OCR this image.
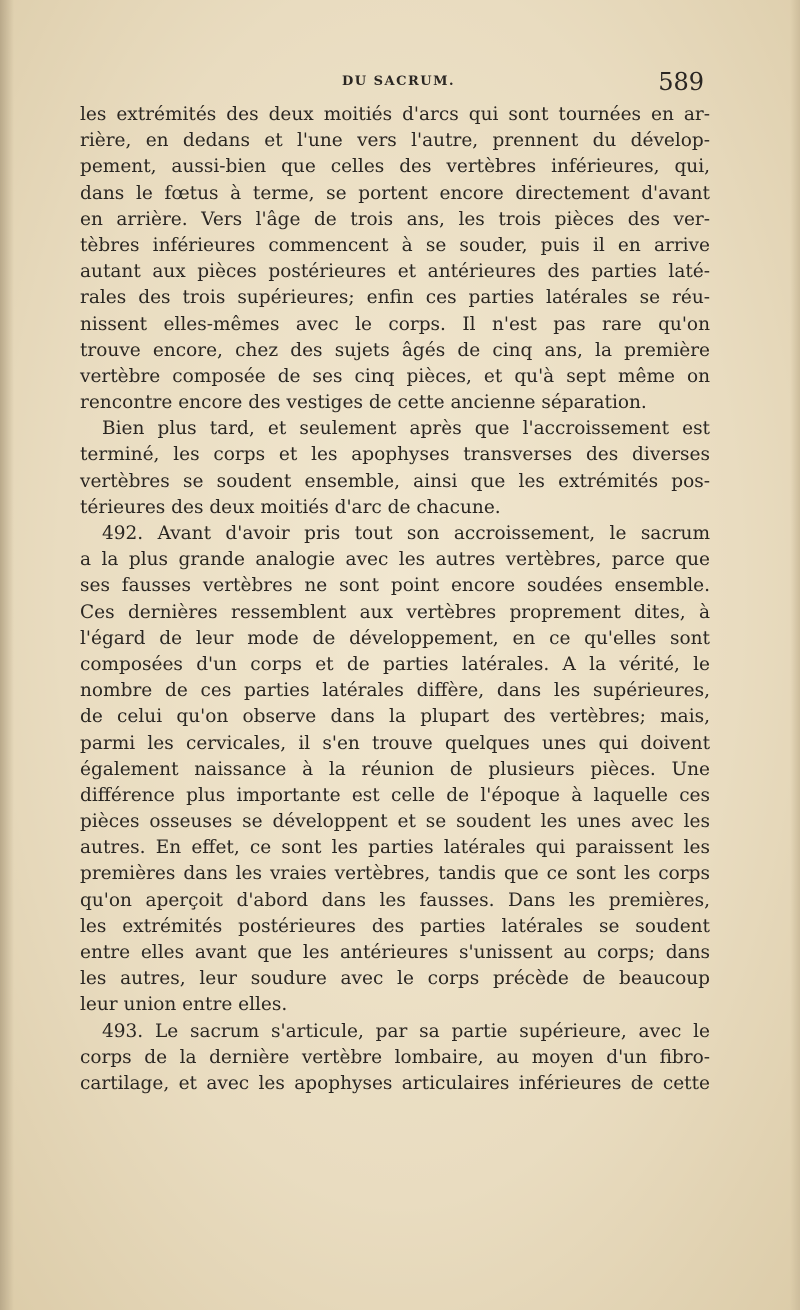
DU SACRUM.	589
les extrémités des deux moitiés d'arcs qui sont tournées en ar-
rière, en dedans et l'une vers l'autre, prennent du dévelop-
pement, aussi-bien que celles des vertèbres inférieures, qui,
dans le fœtus à terme, se portent encore directement d'avant
en arrière. Vers l'âge de trois ans, les trois pièces des ver-
tèbres inférieures commencent à se souder, puis il en arrive
autant aux pièces postérieures et antérieures des parties laté-
rales des trois supérieures; enfin ces parties latérales se réu-
nissent elles-mêmes avec le corps. Il n'est pas rare qu'on
trouve encore, chez des sujets âgés de cinq ans, la première
vertèbre composée de ses cinq pièces, et qu'à sept même on
rencontre encore des vestiges de cette ancienne séparation.
Bien plus tard, et seulement après que l'accroissement est
terminé, les corps et les apophyses transverses des diverses
vertèbres se soudent ensemble, ainsi que les extrémités pos-
térieures des deux moitiés d'arc de chacune.
492. Avant d'avoir pris tout son accroissement, le sacrum
a la plus grande analogie avec les autres vertèbres, parce que
ses fausses vertèbres ne sont point encore soudées ensemble.
Ces dernières ressemblent aux vertèbres proprement dites, à
l'égard de leur mode de développement, en ce qu'elles sont
composées d'un corps et de parties latérales. A la vérité, le
nombre de ces parties latérales diffère, dans les supérieures,
de celui qu'on observe dans la plupart des vertèbres; mais,
parmi les cervicales, il s'en trouve quelques unes qui doivent
également naissance à la réunion de plusieurs pièces. Une
différence plus importante est celle de l'époque à laquelle ces
pièces osseuses se développent et se soudent les unes avec les
autres. En effet, ce sont les parties latérales qui paraissent les
premières dans les vraies vertèbres, tandis que ce sont les corps
qu'on aperçoit d'abord dans les fausses. Dans les premières,
les extrémités postérieures des parties latérales se soudent
entre elles avant que les antérieures s'unissent au corps; dans
les autres, leur soudure avec le corps précède de beaucoup
leur union entre elles.
493. Le sacrum s'articule, par sa partie supérieure, avec le
corps de la dernière vertèbre lombaire, au moyen d'un fibro-
cartilage, et avec les apophyses articulaires inférieures de cette
